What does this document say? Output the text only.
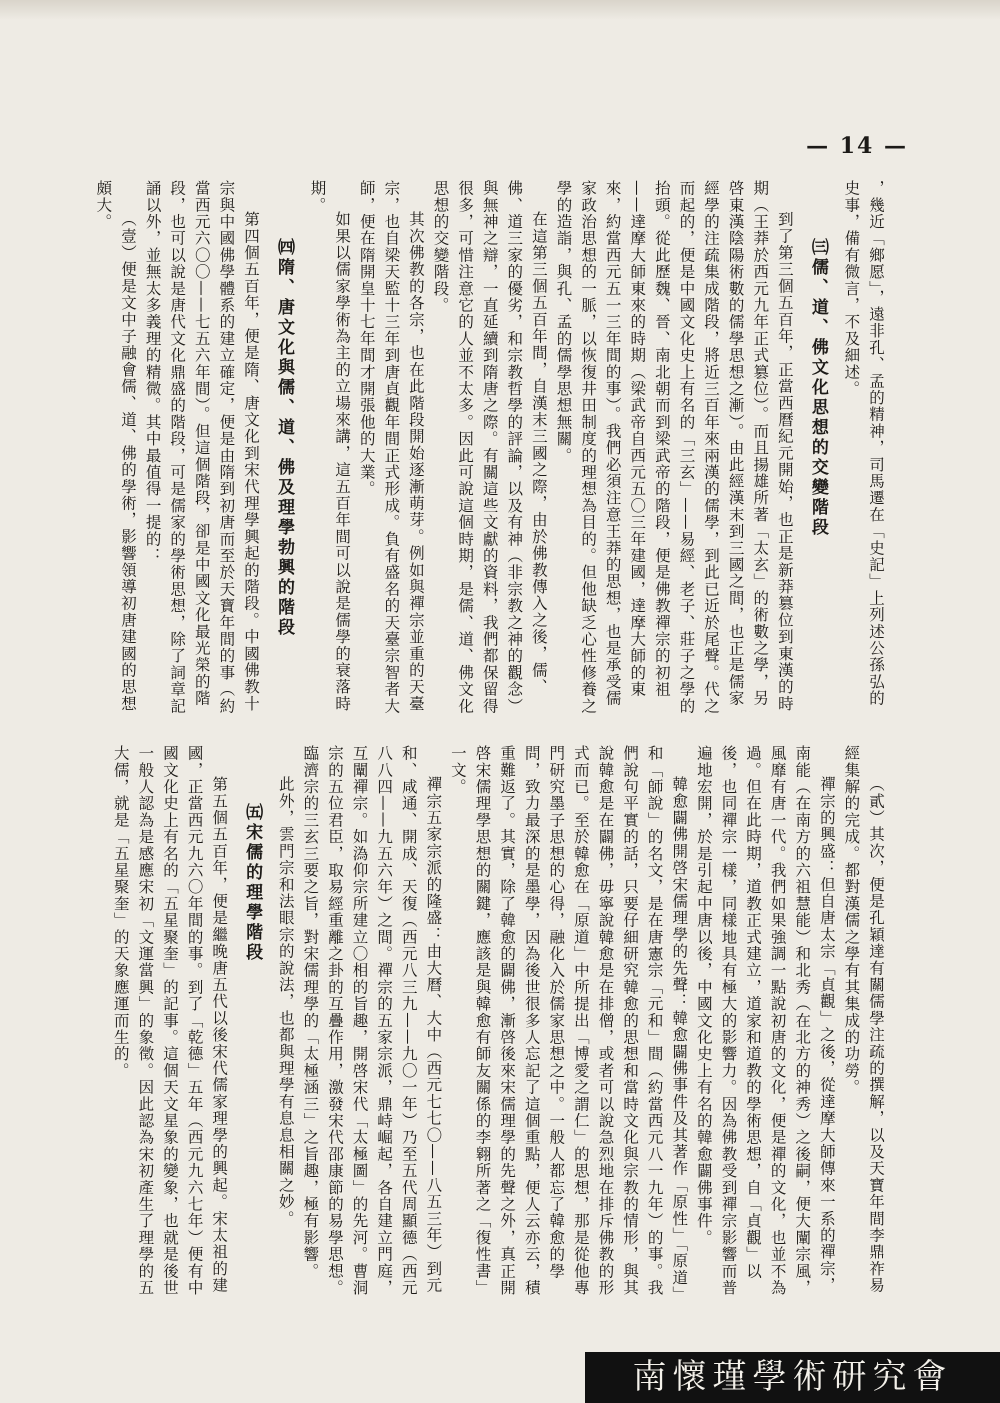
— 14 —

，幾近「鄉愿」，遠非孔、孟的精神，司馬遷在「史記」上列述公孫弘的史事，備有微言，不及細述。

㈢儒、道、佛文化思想的交變階段

到了第三個五百年，正當西曆紀元開始，也正是新莽篡位到東漢的時期（王莽於西元九年正式篡位）。而且揚雄所著「太玄」的術數之學，另啓東漢陰陽術數的儒學思想之漸）。由此經漢末到三國之間，也正是儒家經學的注疏集成階段，將近三百年來兩漢的儒學，到此已近於尾聲。代之而起的，便是中國文化史上有名的「三玄」——易經、老子、莊子之學的抬頭。從此歷魏、晉、南北朝而到梁武帝的階段，便是佛教禪宗的初祖——達摩大師東來的時期（梁武帝自西元五〇三年建國，達摩大師的東來，約當西元五一三年間的事）。我們必須注意王莽的思想，也是承受儒家政治思想的一脈，以恢復井田制度的理想為目的。但他缺乏心性修養之學的造詣，與孔、孟的儒學思想無關。

在這第三個五百年間，自漢末三國之際，由於佛教傳入之後，儒、佛、道三家的優劣，和宗教哲學的評論，以及有神（非宗教之神的觀念）與無神之辯，一直延續到隋唐之際。有關這些文獻的資料，我們都保留得很多，可惜注意它的人並不太多。因此可說這個時期，是儒、道、佛文化思想的交變階段。

其次佛教的各宗，也在此階段開始逐漸萌芽。例如與禪宗並重的天臺宗，也自梁天監十三年到唐貞觀年間正式形成。負有盛名的天臺宗智者大師，便在隋開皇十七年間才開張他的大業。

如果以儒家學術為主的立場來講，這五百年間可以說是儒學的衰落時期。

㈣隋、唐文化與儒、道、佛及理學勃興的階段

第四個五百年，便是隋、唐文化到宋代理學興起的階段。中國佛教十宗與中國佛學體系的建立確定，便是由隋到初唐而至於天寶年間的事（約當西元六〇〇——七五六年間）。但這個階段，卻是中國文化最光榮的階段，也可以說是唐代文化鼎盛的階段，可是儒家的學術思想，除了詞章記誦以外，並無太多義理的精微。其中最值得一提的：

（壹）便是文中子融會儒、道、佛的學術，影響領導初唐建國的思想頗大。

（貳）其次，便是孔穎達有關儒學注疏的撰解，以及天寶年間李鼎祚易經集解的完成。都對漢儒之學有其集成的功勞。

禪宗的興盛：但自唐太宗「貞觀」之後，從達摩大師傳來一系的禪宗，南能（在南方的六祖慧能）和北秀（在北方的神秀）之後嗣，便大闡宗風，風靡有唐一代。我們如果強調一點說初唐的文化，便是禪的文化，也並不為過。但在此時期，道教正式建立，道家和道教的學術思想，自「貞觀」以後，也同禪宗一樣，同樣地具有極大的影響力。因為佛教受到禪宗影響而普遍地宏開，於是引起中唐以後，中國文化史上有名的韓愈闢佛事件。

韓愈闢佛開啓宋儒理學的先聲：韓愈闢佛事件及其著作「原性」「原道」和「師說」的名文，是在唐憲宗「元和」間（約當西元八一九年）的事。我們說句平實的話，只要仔細研究韓愈的思想和當時文化與宗教的情形，與其說韓愈是在闢佛，毋寧說韓愈是在排僧，或者可以說急烈地在排斥佛教的形式而已。至於韓愈在「原道」中所提出「博愛之謂仁」的思想，那是從他專門研究墨子思想的心得，融化入於儒家思想之中。一般人都忘了韓愈的學問，致力最深的是墨學，因為後世很多人忘記了這個重點，便人云亦云，積重難返了。其實，除了韓愈的闢佛，漸啓後來宋儒理學的先聲之外，真正開啓宋儒理學思想的關鍵，應該是與韓愈有師友關係的李翱所著之「復性書」一文。

禪宗五家宗派的隆盛：由大曆、大中（西元七七〇——八五三年）到元和、咸通、開成、天復（西元八三九——九〇一年）乃至五代周顯德（西元八八四——九五六年）之間。禪宗的五家宗派，鼎峙崛起，各自建立門庭，互闡禪宗。如溈仰宗所建立〇相的旨趣，開啓宋代「太極圖」的先河。曹洞宗的五位君臣，取易經重離之卦的互疊作用，激發宋代邵康節的易學思想。臨濟宗的三玄三要之旨，對宋儒理學的「太極涵三」之旨趣，極有影響。

此外，雲門宗和法眼宗的說法，也都與理學有息息相關之妙。

㈤宋儒的理學階段

第五個五百年，便是繼晚唐五代以後宋代儒家理學的興起。宋太祖的建國，正當西元九六〇年間的事。到了「乾德」五年（西元九六七年）便有中國文化史上有名的「五星聚奎」的記事。這個天文星象的變象，也就是後世一般人認為是感應宋初「文運當興」的象徵。因此認為宋初產生了理學的五大儒，就是「五星聚奎」的天象應運而生的。

南懷瑾學術研究會
